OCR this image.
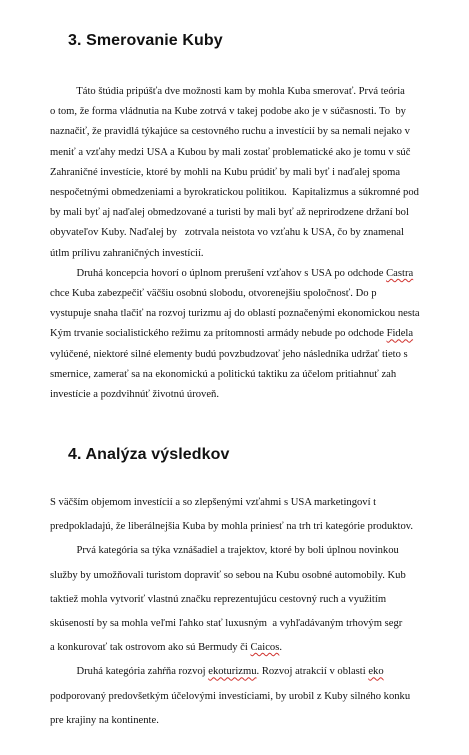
3. Smerovanie Kuby

Táto štúdia pripúšťa dve možnosti kam by mohla Kuba smerovať. Prvá teória

o tom, že forma vládnutia na Kube zotrvá v takej podobe ako je v súčasnosti. To  by

naznačiť, že pravidlá týkajúce sa cestovného ruchu a investícií by sa nemali nejako v

meniť a vzťahy medzi USA a Kubou by mali zostať problematické ako je tomu v súč

Zahraničné investície, ktoré by mohli na Kubu prúdiť by mali byť i naďalej spoma

nespočetnými obmedzeniami a byrokratickou politikou.  Kapitalizmus a súkromné pod

by mali byť aj naďalej obmedzované a turisti by mali byť až neprirodzene držaní bol

obyvateľov Kuby. Naďalej by   zotrvala neistota vo vzťahu k USA, čo by znamenal

útlm prílivu zahraničných investícií.

Druhá koncepcia hovorí o úplnom prerušení vzťahov s USA po odchode Castra

chce Kuba zabezpečiť väčšiu osobnú slobodu, otvorenejšiu spoločnosť. Do p

vystupuje snaha tlačiť na rozvoj turizmu aj do oblastí poznačenými ekonomickou nesta

Kým trvanie socialistického režimu za prítomnosti armády nebude po odchode Fidela

vylúčené, niektoré silné elementy budú povzbudzovať jeho následníka udržať tieto s

smernice, zamerať sa na ekonomickú a politickú taktiku za účelom pritiahnuť zah

investície a pozdvihnúť životnú úroveň.

4. Analýza výsledkov

S väčším objemom investícií a so zlepšenými vzťahmi s USA marketingoví t

predpokladajú, že liberálnejšia Kuba by mohla priniesť na trh tri kategórie produktov.

Prvá kategória sa týka vznášadiel a trajektov, ktoré by boli úplnou novinkou

služby by umožňovali turistom dopraviť so sebou na Kubu osobné automobily. Kub

taktiež mohla vytvoriť vlastnú značku reprezentujúcu cestovný ruch a využitím

skúseností by sa mohla veľmi ľahko stať luxusným  a vyhľadávaným trhovým segr

a konkurovať tak ostrovom ako sú Bermudy či Caicos.

Druhá kategória zahŕňa rozvoj ekoturizmu. Rozvoj atrakcií v oblasti eko

podporovaný predovšetkým účelovými investíciami, by urobil z Kuby silného konku

pre krajiny na kontinente.
